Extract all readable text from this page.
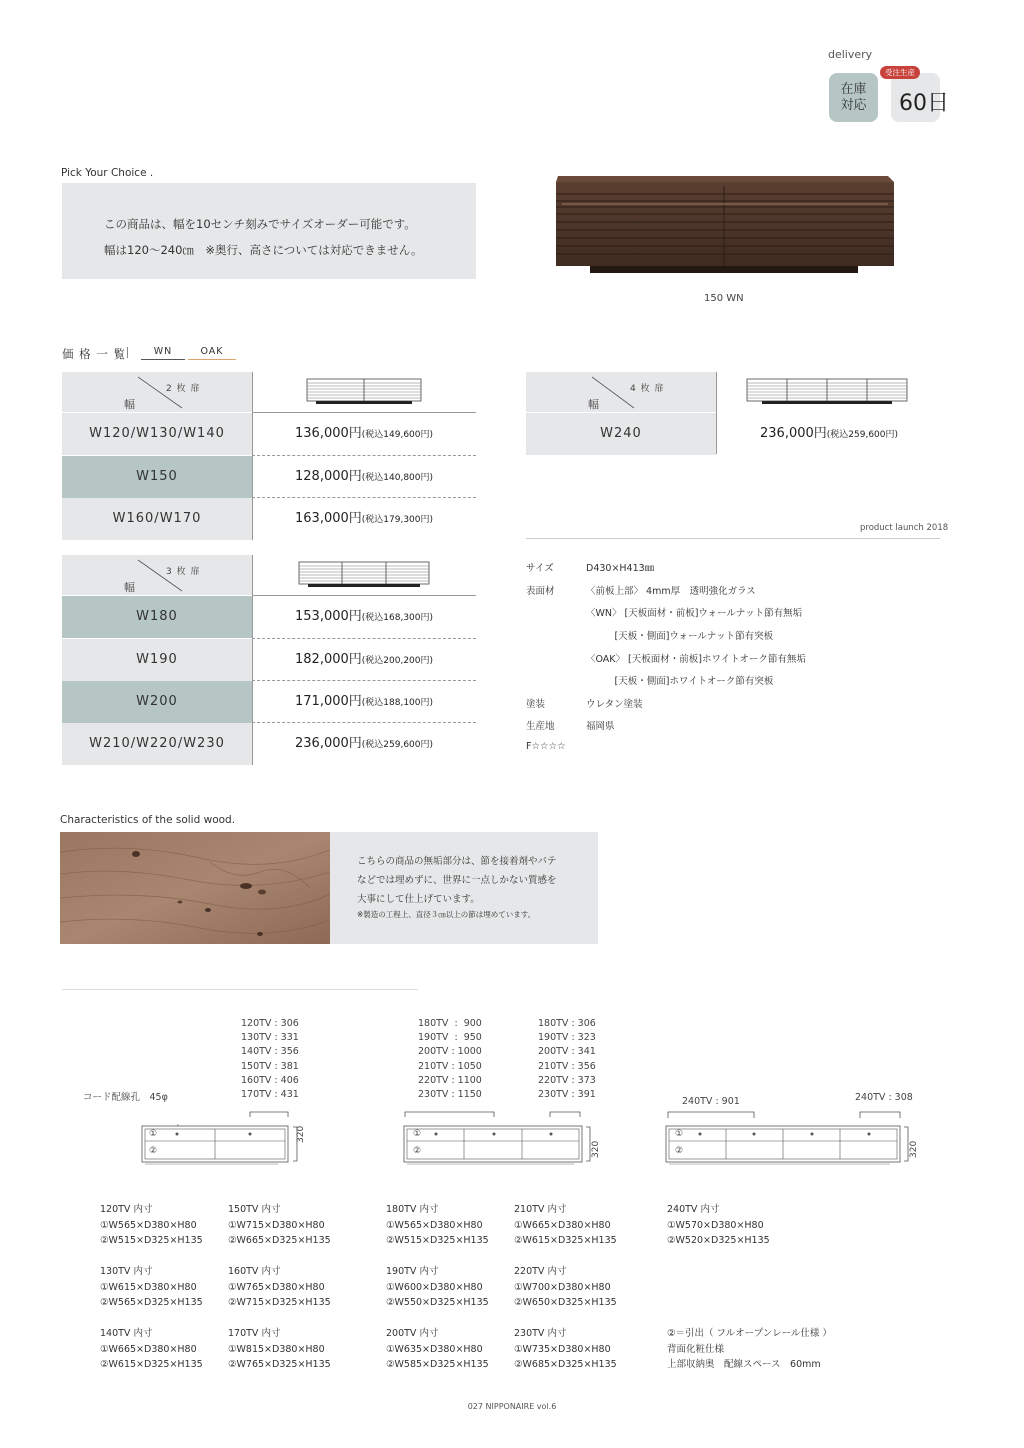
delivery
在庫
対応	60日
受注生産
Pick Your Choice .
この商品は、幅を10センチ刻みでサイズオーダー可能です。
幅は120〜240㎝　※奥行、高さについては対応できません。
150 WN
価 格 一 覧	WN	OAK
2 枚 扉
幅
W120/W130/W140	136,000円(税込149,600円)
W150	128,000円(税込140,800円)
W160/W170	163,000円(税込179,300円)
3 枚 扉
幅
W180	153,000円(税込168,300円)
W190	182,000円(税込200,200円)
W200	171,000円(税込188,100円)
W210/W220/W230	236,000円(税込259,600円)
4 枚 扉
幅
W240	236,000円(税込259,600円)
product launch 2018
サイズ	D430×H413㎜
表面材	〈前板上部〉 4mm厚　透明強化ガラス
〈WN〉 [天板面材・前板]ウォールナット節有無垢
　　　[天板・側面]ウォールナット節有突板
〈OAK〉 [天板面材・前板]ホワイトオーク節有無垢
　　　[天板・側面]ホワイトオーク節有突板
塗装	ウレタン塗装
生産地	福岡県
F☆☆☆☆
Characteristics of the solid wood.
こちらの商品の無垢部分は、節を接着剤やパテ
などでは埋めずに、世界に一点しかない質感を
大事にして仕上げています。
※製造の工程上、直径３㎝以上の節は埋めています。
120TV : 306
130TV : 331
140TV : 356
150TV : 381
160TV : 406
170TV : 431
コード配線孔　45φ
①
②
320
180TV  :  900
190TV  :  950
200TV : 1000
210TV : 1050
220TV : 1100
230TV : 1150
180TV : 306
190TV : 323
200TV : 341
210TV : 356
220TV : 373
230TV : 391
①
②	320
240TV : 901	240TV : 308
①
②	320
120TV 内寸
①W565×D380×H80
②W515×D325×H135
150TV 内寸
①W715×D380×H80
②W665×D325×H135
180TV 内寸
①W565×D380×H80
②W515×D325×H135
210TV 内寸
①W665×D380×H80
②W615×D325×H135
240TV 内寸
①W570×D380×H80
②W520×D325×H135
130TV 内寸
①W615×D380×H80
②W565×D325×H135
160TV 内寸
①W765×D380×H80
②W715×D325×H135
190TV 内寸
①W600×D380×H80
②W550×D325×H135
220TV 内寸
①W700×D380×H80
②W650×D325×H135
140TV 内寸
①W665×D380×H80
②W615×D325×H135
170TV 内寸
①W815×D380×H80
②W765×D325×H135
200TV 内寸
①W635×D380×H80
②W585×D325×H135
230TV 内寸
①W735×D380×H80
②W685×D325×H135
②＝引出（ フルオープンレール仕様 ）
背面化粧仕様
上部収納奥　配線スペース　60mm
027 NIPPONAIRE vol.6
